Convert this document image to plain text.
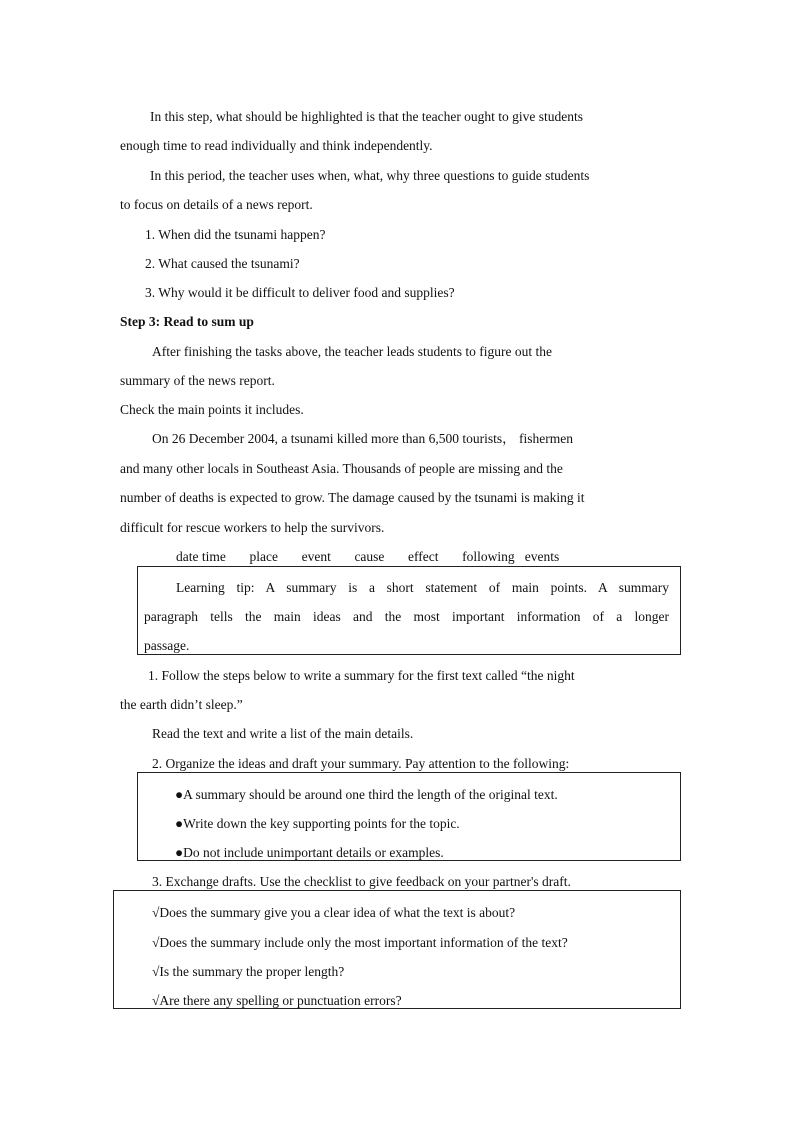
In this step, what should be highlighted is that the teacher ought to give students
enough time to read individually and think independently.
In this period, the teacher uses when, what, why three questions to guide students
to focus on details of a news report.
1. When did the tsunami happen?
2. What caused the tsunami?
3. Why would it be difficult to deliver food and supplies?
Step 3: Read to sum up
After finishing the tasks above, the teacher leads students to figure out the
summary of the news report.
Check the main points it includes.
On 26 December 2004, a tsunami killed more than 6,500 tourists， fishermen
and many other locals in Southeast Asia. Thousands of people are missing and the
number of deaths is expected to grow. The damage caused by the tsunami is making it
difficult for rescue workers to help the survivors.
date time       place       event       cause       effect       following   events
Learning tip: A summary is a short statement of main points. A summary
paragraph tells the main ideas and the most important information of a longer
passage.
1. Follow the steps below to write a summary for the first text called “the night
the earth didn’t sleep.”
Read the text and write a list of the main details.
2. Organize the ideas and draft your summary. Pay attention to the following:
●A summary should be around one third the length of the original text.
●Write down the key supporting points for the topic.
●Do not include unimportant details or examples.
3. Exchange drafts. Use the checklist to give feedback on your partner's draft.
√Does the summary give you a clear idea of what the text is about?
√Does the summary include only the most important information of the text?
√Is the summary the proper length?
√Are there any spelling or punctuation errors?
